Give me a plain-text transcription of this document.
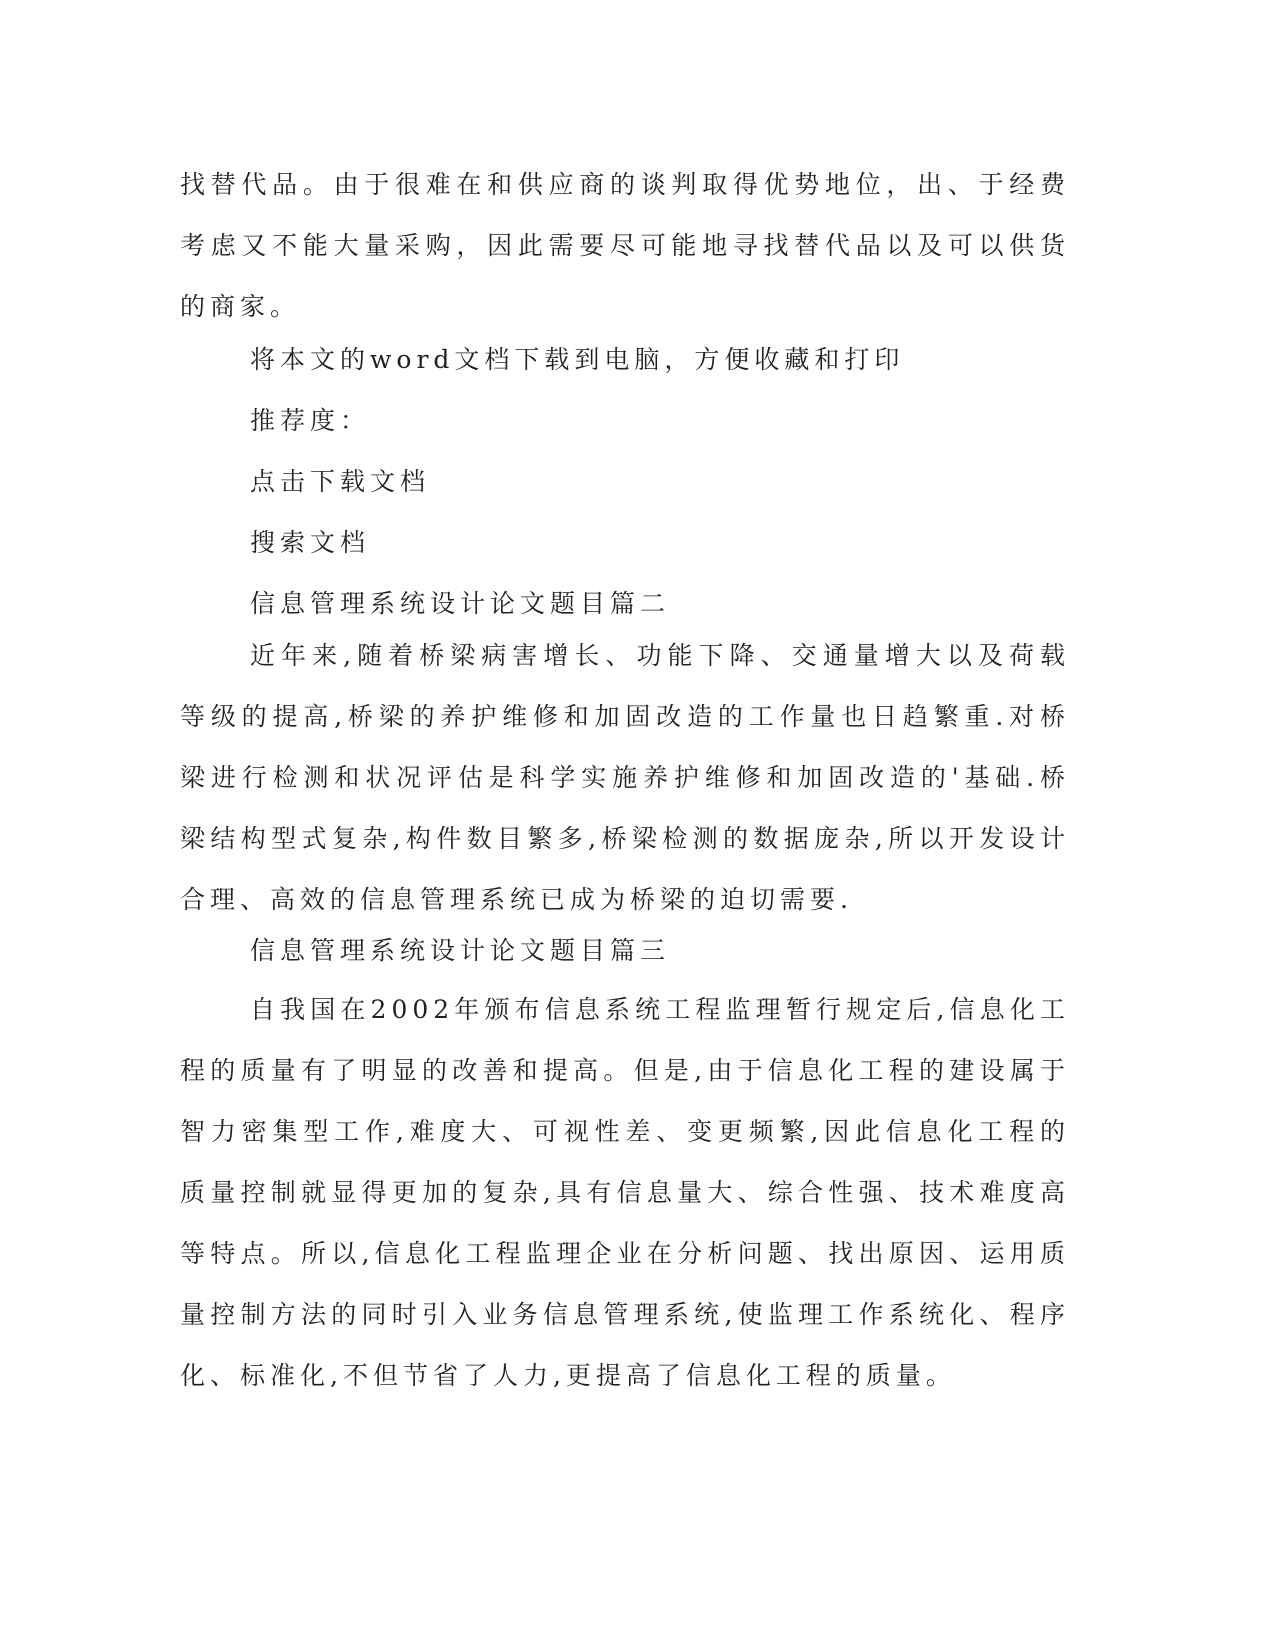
找替代品。由于很难在和供应商的谈判取得优势地位，出、于经费考虑又不能大量采购，因此需要尽可能地寻找替代品以及可以供货的商家。

将本文的word文档下载到电脑，方便收藏和打印

推荐度：

点击下载文档

搜索文档

信息管理系统设计论文题目篇二

近年来,随着桥梁病害增长、功能下降、交通量增大以及荷载等级的提高,桥梁的养护维修和加固改造的工作量也日趋繁重.对桥梁进行检测和状况评估是科学实施养护维修和加固改造的'基础.桥梁结构型式复杂,构件数目繁多,桥梁检测的数据庞杂,所以开发设计合理、高效的信息管理系统已成为桥梁的迫切需要.

信息管理系统设计论文题目篇三

自我国在2002年颁布信息系统工程监理暂行规定后,信息化工程的质量有了明显的改善和提高。但是,由于信息化工程的建设属于智力密集型工作,难度大、可视性差、变更频繁,因此信息化工程的质量控制就显得更加的复杂,具有信息量大、综合性强、技术难度高等特点。所以,信息化工程监理企业在分析问题、找出原因、运用质量控制方法的同时引入业务信息管理系统,使监理工作系统化、程序化、标准化,不但节省了人力,更提高了信息化工程的质量。
